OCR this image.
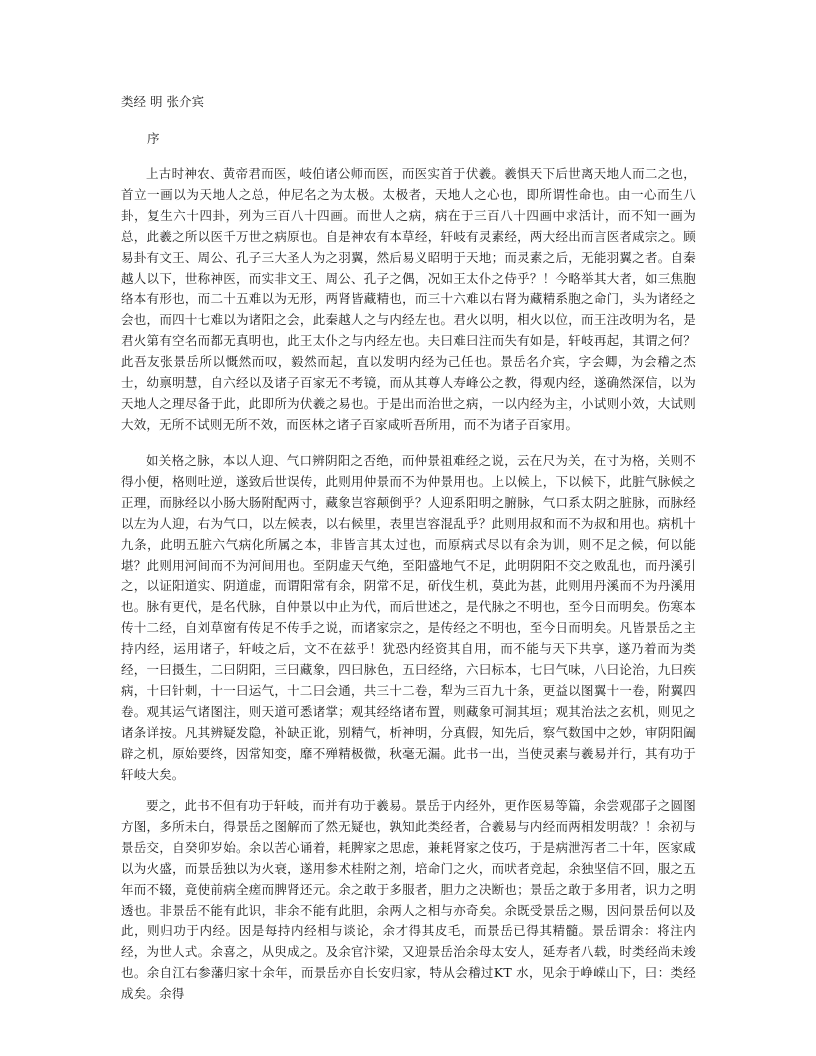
类经 明 张介宾
序

上古时神农、黄帝君而医，岐伯诸公师而医，而医实首于伏羲。羲惧天下后世离天地人而二之也，首立一画以为天地人之总，仲尼名之为太极。太极者，天地人之心也，即所谓性命也。由一心而生八卦，复生六十四卦，列为三百八十四画。而世人之病，病在于三百八十四画中求活计，而不知一画为总，此羲之所以医千万世之病原也。自是神农有本草经，轩岐有灵素经，两大经出而言医者咸宗之。顾易卦有文王、周公、孔子三大圣人为之羽翼，然后易义昭明于天地；而灵素之后，无能羽翼之者。自秦越人以下，世称神医，而实非文王、周公、孔子之偶，况如王太仆之侍乎？！今略举其大者，如三焦胞络本有形也，而二十五难以为无形，两肾皆藏精也，而三十六难以右肾为藏精系胞之命门，头为诸经之会也，而四十七难以为诸阳之会，此秦越人之与内经左也。君火以明，相火以位，而王注改明为名，是君火第有空名而都无真明也，此王太仆之与内经左也。夫曰难曰注而失有如是，轩岐再起，其谓之何？此吾友张景岳所以慨然而叹，毅然而起，直以发明内经为己任也。景岳名介宾，字会卿，为会稽之杰士，幼禀明慧，自六经以及诸子百家无不考镜，而从其尊人寿峰公之教，得观内经，遂确然深信，以为天地人之理尽备于此，此即所为伏羲之易也。于是出而治世之病，一以内经为主，小试则小效，大试则大效，无所不试则无所不效，而医林之诸子百家咸听吾所用，而不为诸子百家用。

如关格之脉，本以人迎、气口辨阴阳之否绝，而仲景祖难经之说，云在尺为关，在寸为格，关则不得小便，格则吐逆，遂致后世误传，此则用仲景而不为仲景用也。上以候上，下以候下，此脏气脉候之正理，而脉经以小肠大肠附配两寸，藏象岂容颠倒乎？人迎系阳明之腑脉，气口系太阴之脏脉，而脉经以左为人迎，右为气口，以左候表，以右候里，表里岂容混乱乎？此则用叔和而不为叔和用也。病机十九条，此明五脏六气病化所属之本，非皆言其太过也，而原病式尽以有余为训，则不足之候，何以能堪？此则用河间而不为河间用也。至阴虚天气绝，至阳盛地气不足，此明阴阳不交之败乱也，而丹溪引之，以证阳道实、阴道虚，而谓阳常有余，阴常不足，斫伐生机，莫此为甚，此则用丹溪而不为丹溪用也。脉有更代，是名代脉，自仲景以中止为代，而后世述之，是代脉之不明也，至今日而明矣。伤寒本传十二经，自刘草窗有传足不传手之说，而诸家宗之，是传经之不明也，至今日而明矣。凡皆景岳之主持内经，运用诸子，轩岐之后，文不在兹乎！犹恐内经资其自用，而不能与天下共享，遂乃着而为类经，一曰摄生，二曰阴阳，三曰藏象，四曰脉色，五曰经络，六曰标本，七曰气味，八曰论治，九曰疾病，十曰针刺，十一曰运气，十二曰会通，共三十二卷，犁为三百九十条，更益以图翼十一卷，附翼四卷。观其运气诸图注，则天道可悉诸掌；观其经络诸布置，则藏象可洞其垣；观其治法之玄机，则见之诸条详按。凡其辨疑发隐，补缺正讹，别精气，析神明，分真假，知先后，察气数国中之妙，审阴阳阖辟之机，原始要终，因常知变，靡不殚精极微，秋毫无漏。此书一出，当使灵素与羲易并行，其有功于轩岐大矣。

要之，此书不但有功于轩岐，而并有功于羲易。景岳于内经外，更作医易等篇，余尝观邵子之圆图方图，多所未白，得景岳之图解而了然无疑也，孰知此类经者，合羲易与内经而两相发明哉？！余初与景岳交，自癸卯岁始。余以苦心诵着，耗脾家之思虑，兼耗肾家之伎巧，于是病泄泻者二十年，医家咸以为火盛，而景岳独以为火衰，遂用参术桂附之剂，培命门之火，而吠者竞起，余独坚信不回，服之五年而不辍，竟使前病全瘥而脾肾还元。余之敢于多服者，胆力之决断也；景岳之敢于多用者，识力之明透也。非景岳不能有此识，非余不能有此胆，余两人之相与亦奇矣。余既受景岳之赐，因问景岳何以及此，则归功于内经。因是每持内经相与谈论，余才得其皮毛，而景岳已得其精髓。景岳谓余：将注内经，为世人式。余喜之，从臾成之。及余官汴梁，又迎景岳治余母太安人，延寿者八载，时类经尚未竣也。余自江右参藩归家十余年，而景岳亦自长安归家，特从会稽过KT 水，见余于峥嵘山下，曰：类经成矣。余得
